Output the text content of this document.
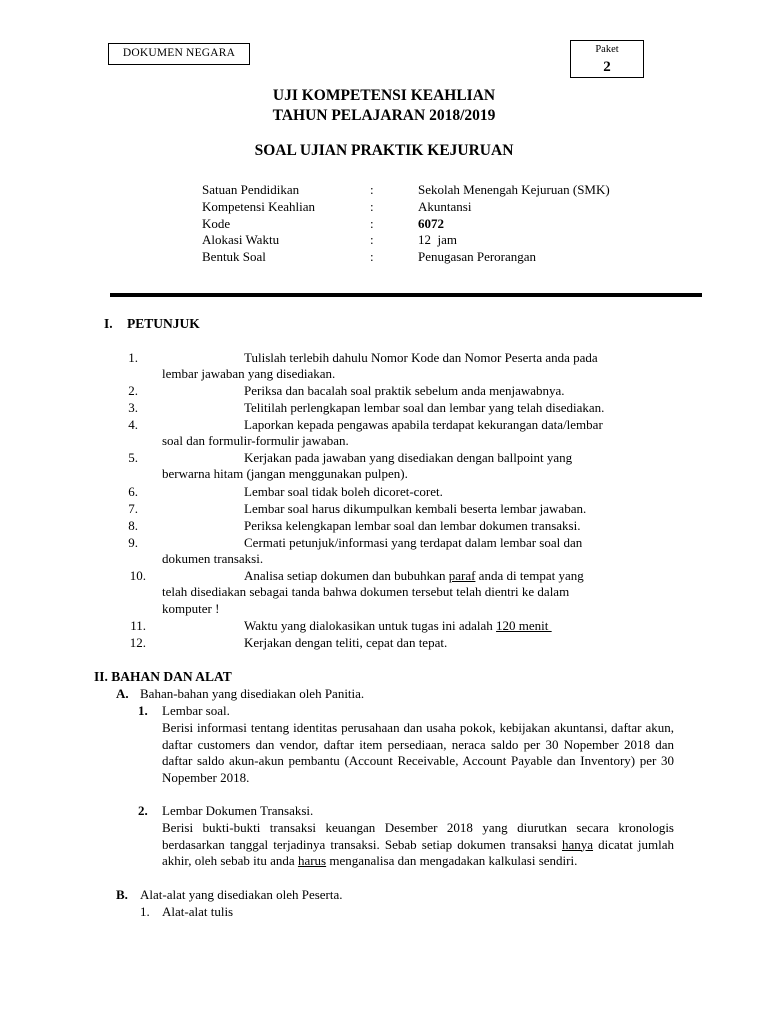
DOKUMEN NEGARA	Paket
2
UJI KOMPETENSI KEAHLIAN
TAHUN PELAJARAN 2018/2019
SOAL UJIAN PRAKTIK KEJURUAN
Satuan Pendidikan	:	Sekolah Menengah Kejuruan (SMK)
Kompetensi Keahlian	:	Akuntansi
Kode	:	6072
Alokasi Waktu	:	12  jam
Bentuk Soal	:	Penugasan Perorangan
I. PETUNJUK
1.	Tulislah terlebih dahulu Nomor Kode dan Nomor Peserta anda pada
lembar jawaban yang disediakan.
2.	Periksa dan bacalah soal praktik sebelum anda menjawabnya.
3.	Telitilah perlengkapan lembar soal dan lembar yang telah disediakan.
4.	Laporkan kepada pengawas apabila terdapat kekurangan data/lembar
soal dan formulir-formulir jawaban.
5.	Kerjakan pada jawaban yang disediakan dengan ballpoint yang
berwarna hitam (jangan menggunakan pulpen).
6.	Lembar soal tidak boleh dicoret-coret.
7.	Lembar soal harus dikumpulkan kembali beserta lembar jawaban.
8.	Periksa kelengkapan lembar soal dan lembar dokumen transaksi.
9.	Cermati petunjuk/informasi yang terdapat dalam lembar soal dan
dokumen transaksi.
10.	Analisa setiap dokumen dan bubuhkan paraf anda di tempat yang
telah disediakan sebagai tanda bahwa dokumen tersebut telah dientri ke dalam
komputer !
11.	Waktu yang dialokasikan untuk tugas ini adalah 120 menit
12.	Kerjakan dengan teliti, cepat dan tepat.
II. BAHAN DAN ALAT
A. Bahan-bahan yang disediakan oleh Panitia.
1. Lembar soal.
Berisi informasi tentang identitas perusahaan dan usaha pokok, kebijakan akuntansi, daftar akun, daftar customers dan vendor, daftar item persediaan, neraca saldo per 30 Nopember 2018 dan daftar saldo akun-akun pembantu (Account Receivable, Account Payable dan Inventory) per 30 Nopember 2018.
2. Lembar Dokumen Transaksi.
Berisi bukti-bukti transaksi keuangan Desember 2018 yang diurutkan secara kronologis berdasarkan tanggal terjadinya transaksi. Sebab setiap dokumen transaksi hanya dicatat jumlah akhir, oleh sebab itu anda harus menganalisa dan mengadakan kalkulasi sendiri.
B. Alat-alat yang disediakan oleh Peserta.
1. Alat-alat tulis
